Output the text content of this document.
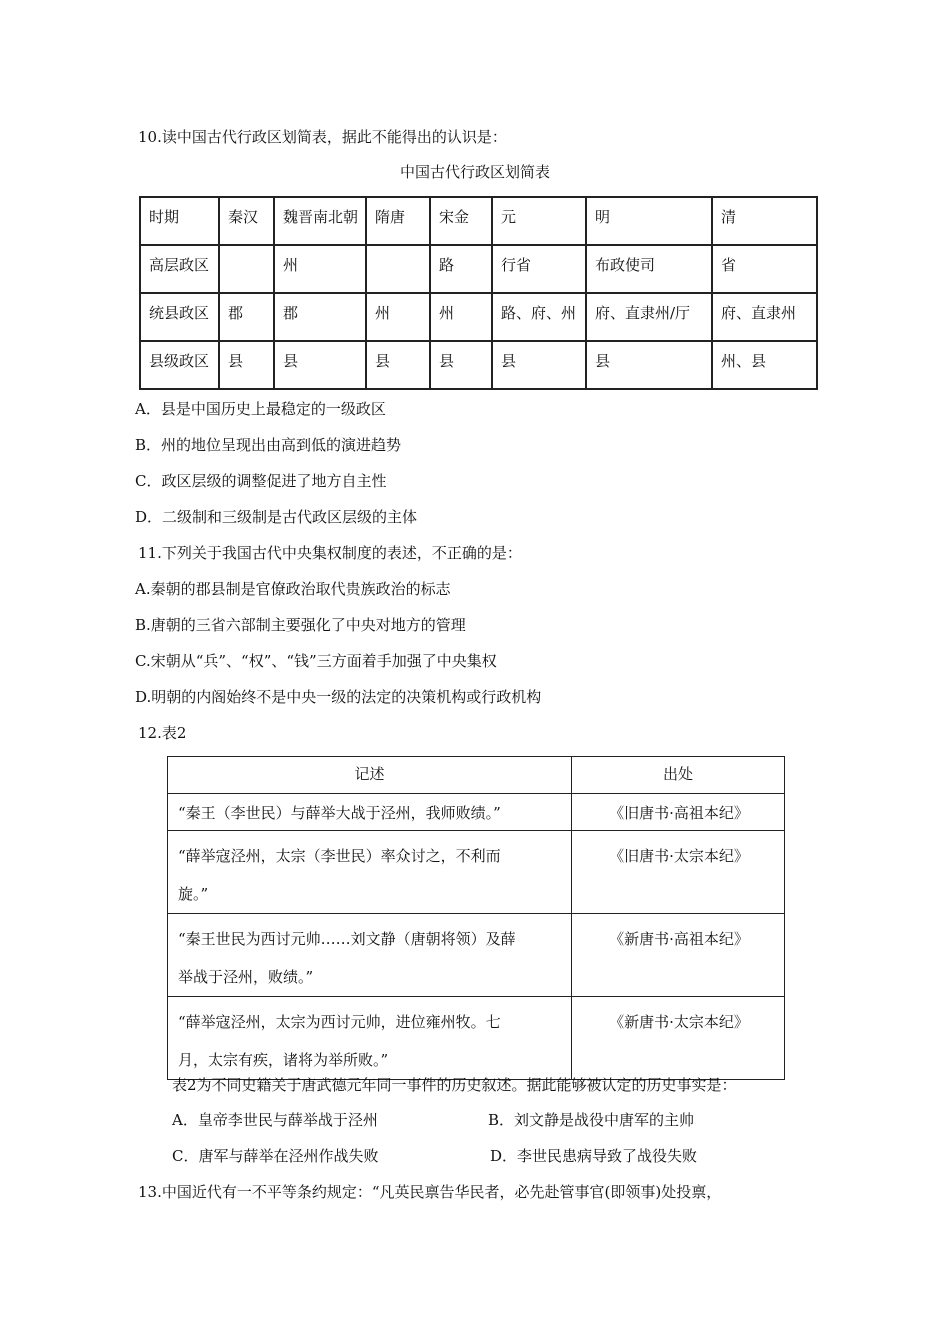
10.读中国古代行政区划简表，据此不能得出的认识是：
中国古代行政区划简表
时期	秦汉	魏晋南北朝	隋唐	宋金	元	明	清

高层政区		州		路	行省	布政使司	省

统县政区	郡	郡	州	州	路、府、州	府、直隶州/厅	府、直隶州

县级政区	县	县	县	县	县	县	州、县
A．县是中国历史上最稳定的一级政区
B．州的地位呈现出由高到低的演进趋势
C．政区层级的调整促进了地方自主性
D．二级制和三级制是古代政区层级的主体
11.下列关于我国古代中央集权制度的表述，不正确的是：
A.秦朝的郡县制是官僚政治取代贵族政治的标志
B.唐朝的三省六部制主要强化了中央对地方的管理
C.宋朝从“兵”、“权”、“钱”三方面着手加强了中央集权
D.明朝的内阁始终不是中央一级的法定的决策机构或行政机构
12.表2
记述	出处
“秦王（李世民）与薛举大战于泾州，我师败绩。”	《旧唐书·高祖本纪》
“薛举寇泾州，太宗（李世民）率众讨之，不利而
旋。”	《旧唐书·太宗本纪》
“秦王世民为西讨元帅……刘文静（唐朝将领）及薛
举战于泾州，败绩。”	《新唐书·高祖本纪》
“薛举寇泾州，太宗为西讨元帅，进位雍州牧。七
月，太宗有疾，诸将为举所败。”	《新唐书·太宗本纪》
表2为不同史籍关于唐武德元年同一事件的历史叙述。据此能够被认定的历史事实是：
A．皇帝李世民与薛举战于泾州	B．刘文静是战役中唐军的主帅
C．唐军与薛举在泾州作战失败	D．李世民患病导致了战役失败
13.中国近代有一不平等条约规定：“凡英民禀告华民者，必先赴管事官(即领事)处投禀，
